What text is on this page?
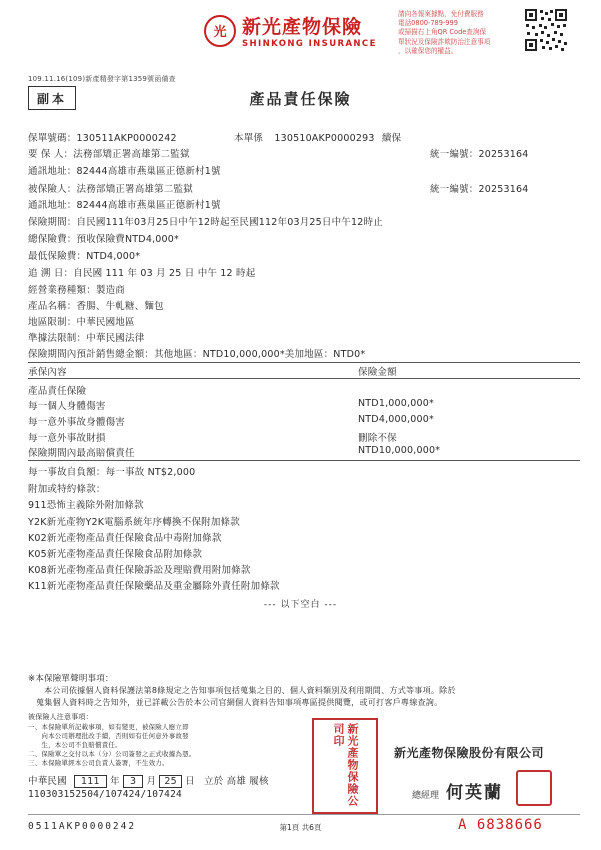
光 新光產物保險
SHINKONG INSURANCE
請向各報案據點，免付費服務
電話0800-789-999
或掃描右上角QR Code查詢保
單狀況及保險詐欺防治注意事項
，以確保您的權益。
109.11.16(109)新產精發字第1359號函備查
副本	產品責任保險
保單號碼：130511AKP0000242	本單係 130510AKP0000293 續保
要 保 人：法務部矯正署高雄第二監獄	統一編號：20253164
通訊地址：82444高雄市燕巢區正德新村1號
被保險人：法務部矯正署高雄第二監獄	統一編號：20253164
通訊地址：82444高雄市燕巢區正德新村1號
保險期間：自民國111年03月25日中午12時起至民國112年03月25日中午12時止
總保險費：預收保險費NTD4,000*
最低保險費：NTD4,000*
追 溯 日：自民國 111 年 03 月 25 日 中午 12 時起
經營業務種類：製造商
產品名稱：香腸、牛軋糖、麵包
地區限制：中華民國地區
準據法限制：中華民國法律
保險期間內預計銷售總金額：其他地區：NTD10,000,000*美加地區：NTD0*
承保內容	保險金額
產品責任保險
每一個人身體傷害	NTD1,000,000*
每一意外事故身體傷害	NTD4,000,000*
每一意外事故財損	刪除不保
保險期間內最高賠償責任	NTD10,000,000*
每一事故自負額：每一事故 NT$2,000
附加或特約條款：
911恐怖主義除外附加條款
Y2K新光產物Y2K電腦系統年序轉換不保附加條款
K02新光產物產品責任保險食品中毒附加條款
K05新光產物產品責任保險食品附加條款
K08新光產物產品責任保險訴訟及理賠費用附加條款
K11新光產物產品責任保險藥品及重金屬除外責任附加條款
--- 以下空白 ---
※本保險單聲明事項：
本公司依據個人資料保護法第8條規定之告知事項包括蒐集之目的、個人資料類別及利用期間、方式等事項。除於
蒐集個人資料時之告知外，並已詳載公告於本公司官網個人資料告知事項專區提供閱覽，或可打客戶專線查詢。
被保險人注意事項：
一、本保險單所記載事項，如有變更，被保險人應立即
　　向本公司辦理批改手續，否則如有任何意外事故發
　　生，本公司不負賠償責任。
二、保險單之交付以本（分）公司簽發之正式收據為憑。
三、本保險單經本公司負責人簽署，不生效力。
中華民國 111 年 3 月 25 日 立於 高雄 履核
110303152504/107424/107424	新光產物保險公司印
新光產物保險股份有限公司
總經理 何英蘭
0511AKP0000242	第1頁 共6頁	A 6838666
